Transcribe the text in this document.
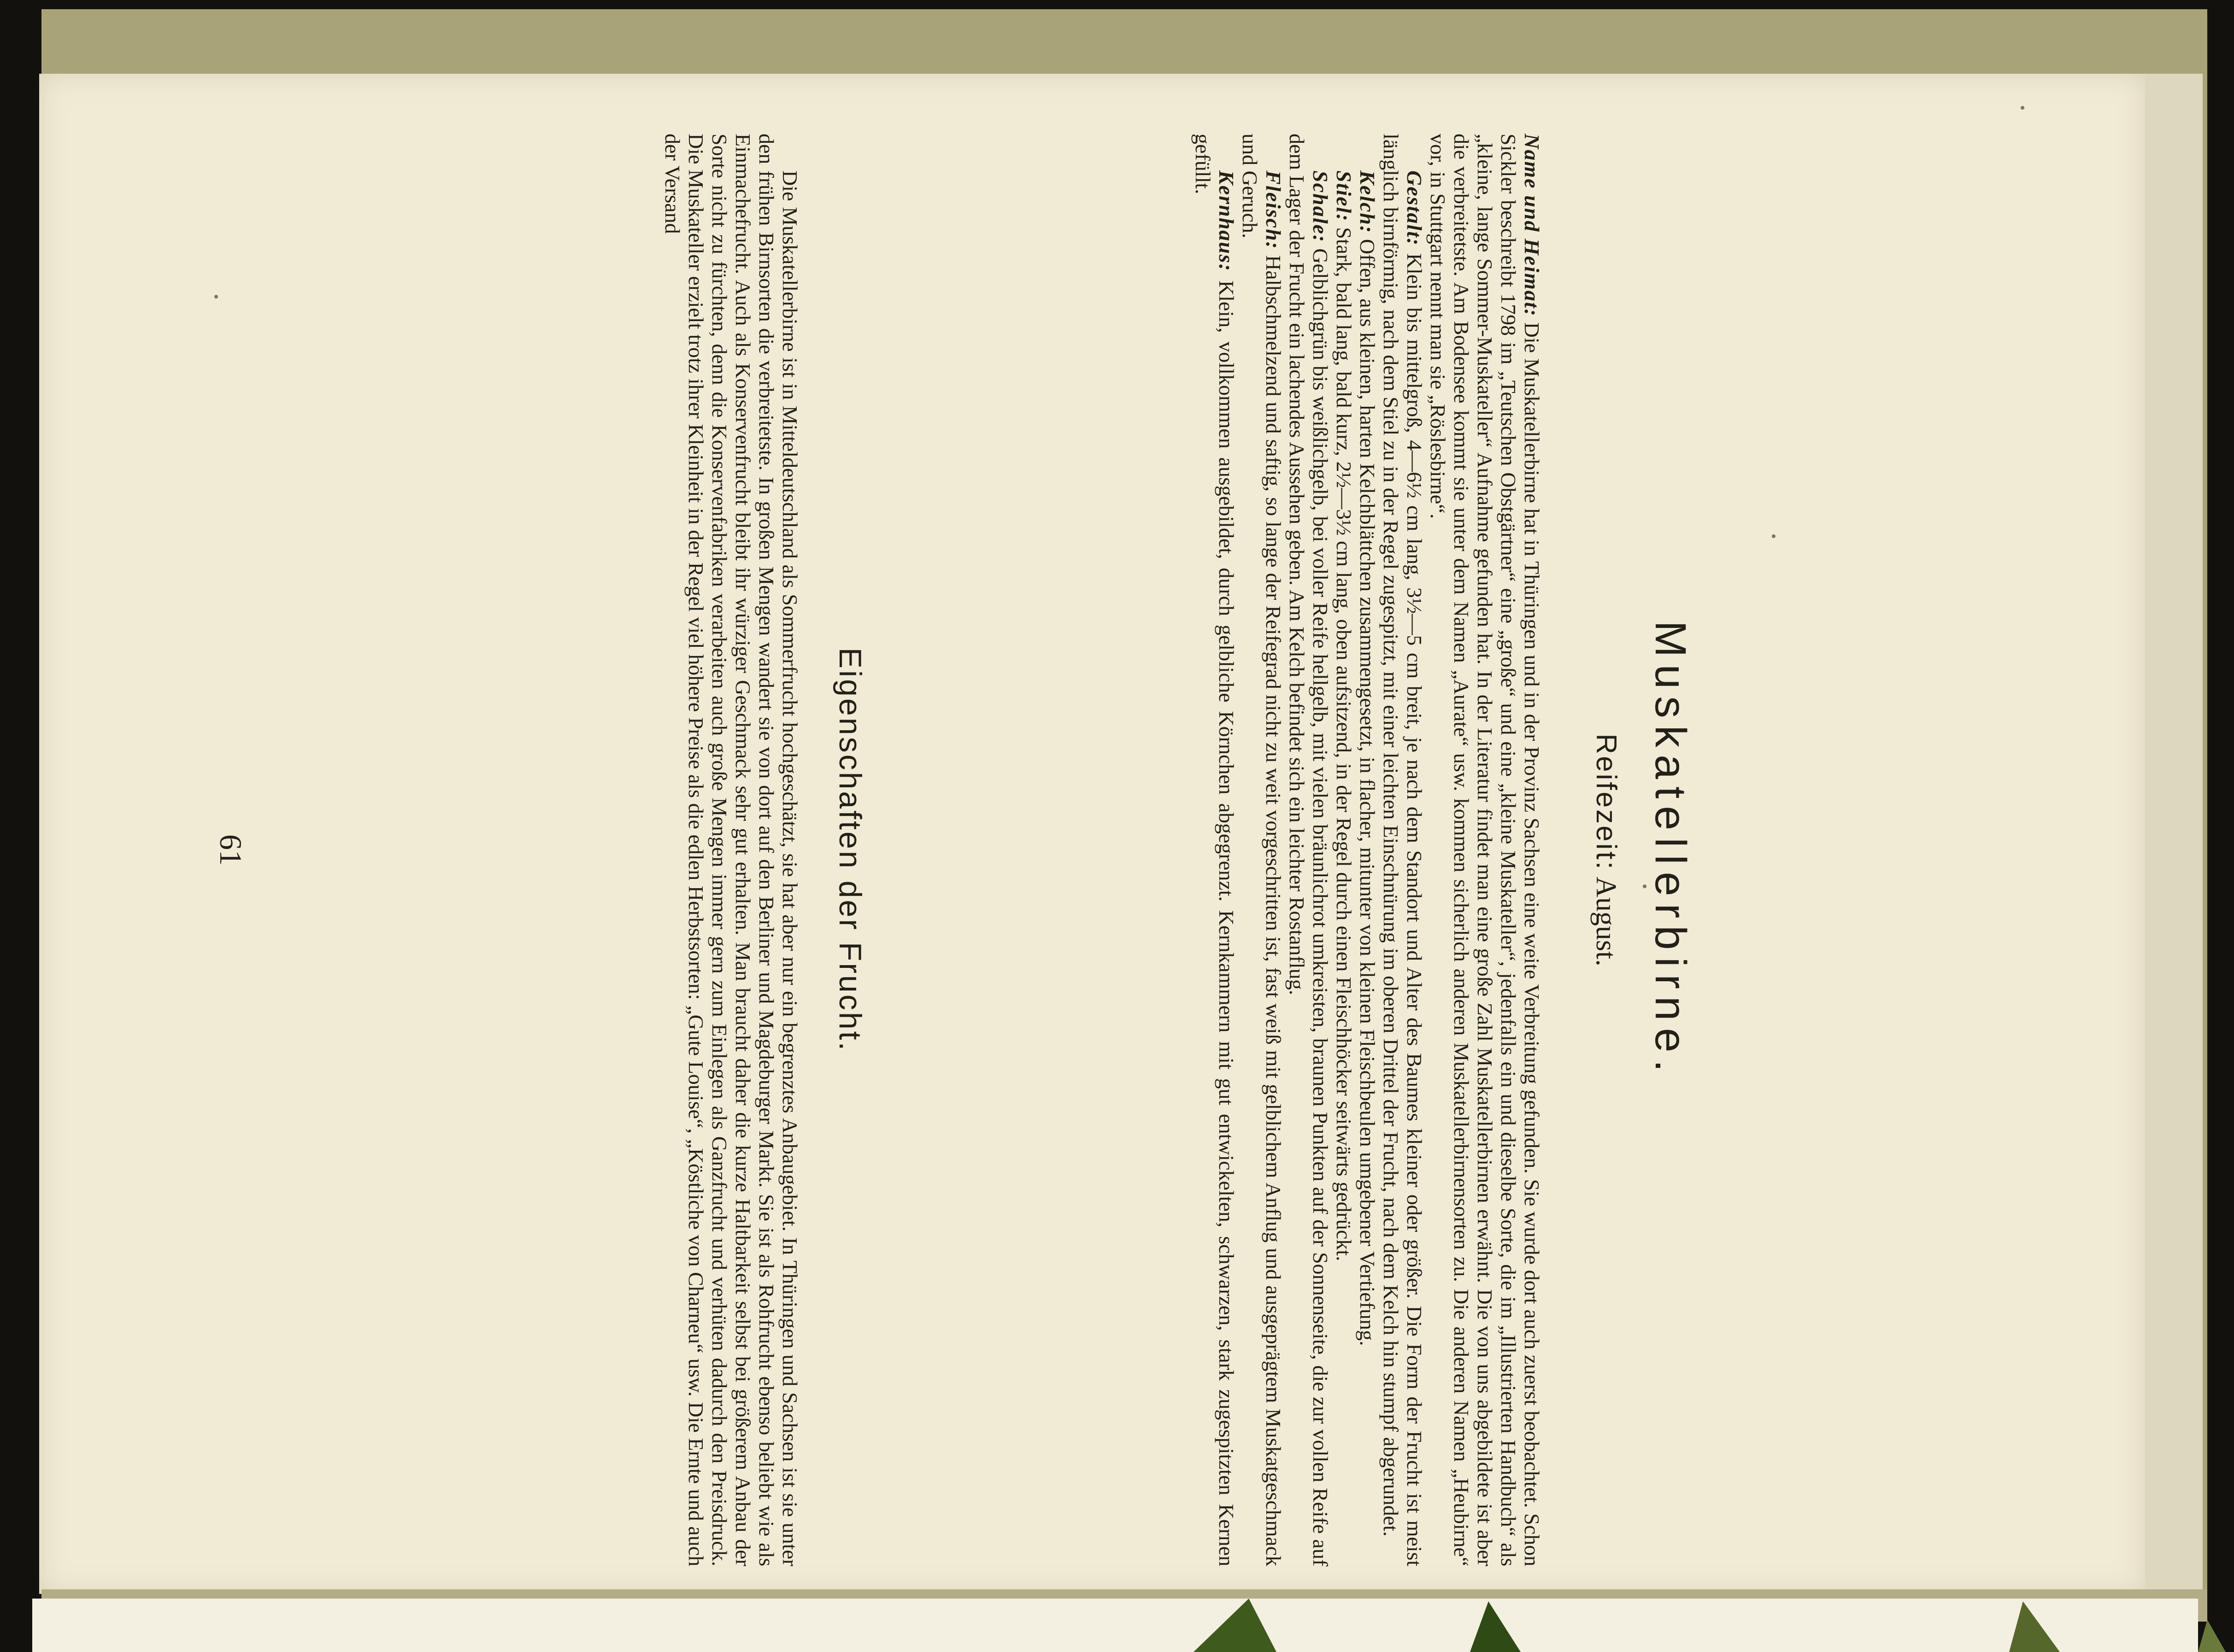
Muskatellerbirne.
Reifezeit: August.

Name und Heimat: Die Muskatellerbirne hat in Thüringen und in der Provinz Sachsen eine weite Verbreitung gefunden. Sie wurde dort auch zuerst beobachtet. Schon Sickler beschreibt 1798 im „Teutschen Obstgärtner“ eine „große“ und eine „kleine Muskateller“, jedenfalls ein und dieselbe Sorte, die im „Illustrierten Handbuch“ als „kleine, lange Sommer-Muskateller“ Aufnahme gefunden hat. In der Literatur findet man eine große Zahl Muskatellerbirnen erwähnt. Die von uns abgebildete ist aber die verbreitetste. Am Bodensee kommt sie unter dem Namen „Aurate“ usw. kommen sicherlich anderen Muskatellerbirnensorten zu. Die anderen Namen „Heubirne“ vor, in Stuttgart nennt man sie „Röslesbirne“.

Gestalt: Klein bis mittelgroß, 4—6½ cm lang, 3½—5 cm breit, je nach dem Standort und Alter des Baumes kleiner oder größer. Die Form der Frucht ist meist länglich birnförmig, nach dem Stiel zu in der Regel zugespitzt, mit einer leichten Einschnürung im oberen Drittel der Frucht, nach dem Kelch hin stumpf abgerundet.

Kelch: Offen, aus kleinen, harten Kelchblättchen zusammengesetzt, in flacher, mitunter von kleinen Fleischbeulen umgebener Vertiefung.

Stiel: Stark, bald lang, bald kurz, 2½—3½ cm lang, oben aufsitzend, in der Regel durch einen Fleischhöcker seitwärts gedrückt.

Schale: Gelblichgrün bis weißlichgelb, bei voller Reife hellgelb, mit vielen bräunlichrot umkreisten, braunen Punkten auf der Sonnenseite, die zur vollen Reife auf dem Lager der Frucht ein lachendes Aussehen geben. Am Kelch befindet sich ein leichter Rostanflug.

Fleisch: Halbschmelzend und saftig, so lange der Reifegrad nicht zu weit vorgeschritten ist, fast weiß mit gelblichem Anflug und ausgeprägtem Muskatgeschmack und Geruch.

Kernhaus: Klein, vollkommen ausgebildet, durch gelbliche Körnchen abgegrenzt. Kernkammern mit gut entwickelten, schwarzen, stark zugespitzten Kernen gefüllt.

Eigenschaften der Frucht.

Die Muskatellerbirne ist in Mitteldeutschland als Sommerfrucht hochgeschätzt, sie hat aber nur ein begrenztes Anbaugebiet. In Thüringen und Sachsen ist sie unter den frühen Birnsorten die verbreitetste. In großen Mengen wandert sie von dort auf den Berliner und Magdeburger Markt. Sie ist als Rohfrucht ebenso beliebt wie als Einmachefrucht. Auch als Konservenfrucht bleibt ihr würziger Geschmack sehr gut erhalten. Man braucht daher die kurze Haltbarkeit selbst bei größerem Anbau der Sorte nicht zu fürchten, denn die Konservenfabriken verarbeiten auch große Mengen immer gern zum Einlegen als Ganzfrucht und verhüten dadurch den Preisdruck. Die Muskateller erzielt trotz ihrer Kleinheit in der Regel viel höhere Preise als die edlen Herbstsorten: „Gute Louise“, „Köstliche von Charneu“ usw. Die Ernte und auch der Versand

61
